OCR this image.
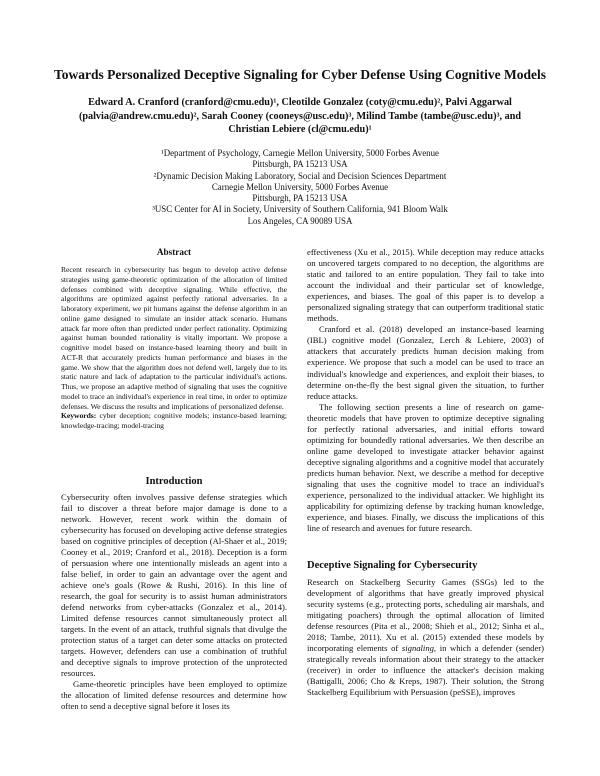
Towards Personalized Deceptive Signaling for Cyber Defense Using Cognitive Models
Edward A. Cranford (cranford@cmu.edu)¹, Cleotilde Gonzalez (coty@cmu.edu)², Palvi Aggarwal
(palvia@andrew.cmu.edu)², Sarah Cooney (cooneys@usc.edu)³, Milind Tambe (tambe@usc.edu)³, and
Christian Lebiere (cl@cmu.edu)¹
¹Department of Psychology, Carnegie Mellon University, 5000 Forbes Avenue
Pittsburgh, PA 15213 USA
²Dynamic Decision Making Laboratory, Social and Decision Sciences Department
Carnegie Mellon University, 5000 Forbes Avenue
Pittsburgh, PA 15213 USA
³USC Center for AI in Society, University of Southern California, 941 Bloom Walk
Los Angeles, CA 90089 USA
Abstract

Recent research in cybersecurity has begun to develop active defense strategies using game-theoretic optimization of the allocation of limited defenses combined with deceptive signaling. While effective, the algorithms are optimized against perfectly rational adversaries. In a laboratory experiment, we pit humans against the defense algorithm in an online game designed to simulate an insider attack scenario. Humans attack far more often than predicted under perfect rationality. Optimizing against human bounded rationality is vitally important. We propose a cognitive model based on instance-based learning theory and built in ACT-R that accurately predicts human performance and biases in the game. We show that the algorithm does not defend well, largely due to its static nature and lack of adaptation to the particular individual's actions. Thus, we propose an adaptive method of signaling that uses the cognitive model to trace an individual's experience in real time, in order to optimize defenses. We discuss the results and implications of personalized defense.

Keywords: cyber deception; cognitive models; instance-based learning; knowledge-tracing; model-tracing

Introduction

Cybersecurity often involves passive defense strategies which fail to discover a threat before major damage is done to a network. However, recent work within the domain of cybersecurity has focused on developing active defense strategies based on cognitive principles of deception (Al-Shaer et al., 2019; Cooney et al., 2019; Cranford et al., 2018). Deception is a form of persuasion where one intentionally misleads an agent into a false belief, in order to gain an advantage over the agent and achieve one's goals (Rowe & Rushi, 2016). In this line of research, the goal for security is to assist human administrators defend networks from cyber-attacks (Gonzalez et al., 2014). Limited defense resources cannot simultaneously protect all targets. In the event of an attack, truthful signals that divulge the protection status of a target can deter some attacks on protected targets. However, defenders can use a combination of truthful and deceptive signals to improve protection of the unprotected resources.

Game-theoretic principles have been employed to optimize the allocation of limited defense resources and determine how often to send a deceptive signal before it loses its

effectiveness (Xu et al., 2015). While deception may reduce attacks on uncovered targets compared to no deception, the algorithms are static and tailored to an entire population. They fail to take into account the individual and their particular set of knowledge, experiences, and biases. The goal of this paper is to develop a personalized signaling strategy that can outperform traditional static methods.

Cranford et al. (2018) developed an instance-based learning (IBL) cognitive model (Gonzalez, Lerch & Lebiere, 2003) of attackers that accurately predicts human decision making from experience. We propose that such a model can be used to trace an individual's knowledge and experiences, and exploit their biases, to determine on-the-fly the best signal given the situation, to further reduce attacks.

The following section presents a line of research on game-theoretic models that have proven to optimize deceptive signaling for perfectly rational adversaries, and initial efforts toward optimizing for boundedly rational adversaries. We then describe an online game developed to investigate attacker behavior against deceptive signaling algorithms and a cognitive model that accurately predicts human behavior. Next, we describe a method for deceptive signaling that uses the cognitive model to trace an individual's experience, personalized to the individual attacker. We highlight its applicability for optimizing defense by tracking human knowledge, experience, and biases. Finally, we discuss the implications of this line of research and avenues for future research.

Deceptive Signaling for Cybersecurity

Research on Stackelberg Security Games (SSGs) led to the development of algorithms that have greatly improved physical security systems (e.g., protecting ports, scheduling air marshals, and mitigating poachers) through the optimal allocation of limited defense resources (Pita et al., 2008; Shieh et al., 2012; Sinha et al., 2018; Tambe, 2011). Xu et al. (2015) extended these models by incorporating elements of signaling, in which a defender (sender) strategically reveals information about their strategy to the attacker (receiver) in order to influence the attacker's decision making (Battigalli, 2006; Cho & Kreps, 1987). Their solution, the Strong Stackelberg Equilibrium with Persuasion (peSSE), improves
